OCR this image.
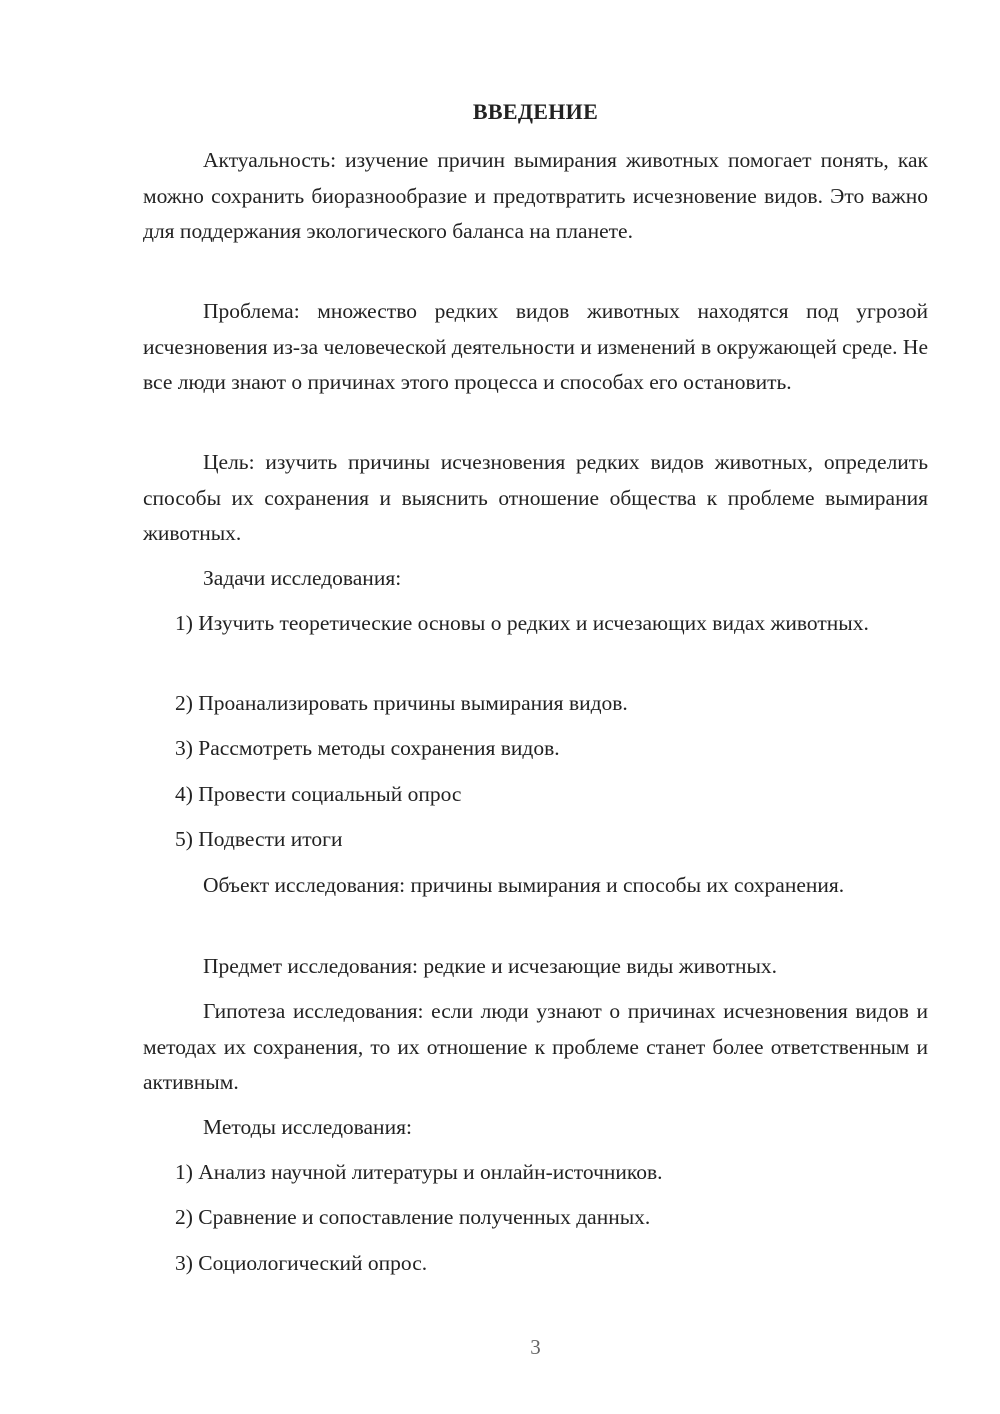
ВВЕДЕНИЕ

Актуальность: изучение причин вымирания животных помогает понять, как можно сохранить биоразнообразие и предотвратить исчезновение видов. Это важно для поддержания экологического баланса на планете.

Проблема: множество редких видов животных находятся под угрозой исчезновения из-за человеческой деятельности и изменений в окружающей среде. Не все люди знают о причинах этого процесса и способах его остановить.

Цель: изучить причины исчезновения редких видов животных, определить способы их сохранения и выяснить отношение общества к проблеме вымирания животных.

Задачи исследования:

1) Изучить теоретические основы о редких и исчезающих видах животных.

2) Проанализировать причины вымирания видов.

3) Рассмотреть методы сохранения видов.

4) Провести социальный опрос

5) Подвести итоги

Объект исследования: причины вымирания и способы их сохранения.

Предмет исследования: редкие и исчезающие виды животных.

Гипотеза исследования: если люди узнают о причинах исчезновения видов и методах их сохранения, то их отношение к проблеме станет более ответственным и активным.

Методы исследования:

1) Анализ научной литературы и онлайн-источников.

2) Сравнение и сопоставление полученных данных.

3) Социологический опрос.

3
